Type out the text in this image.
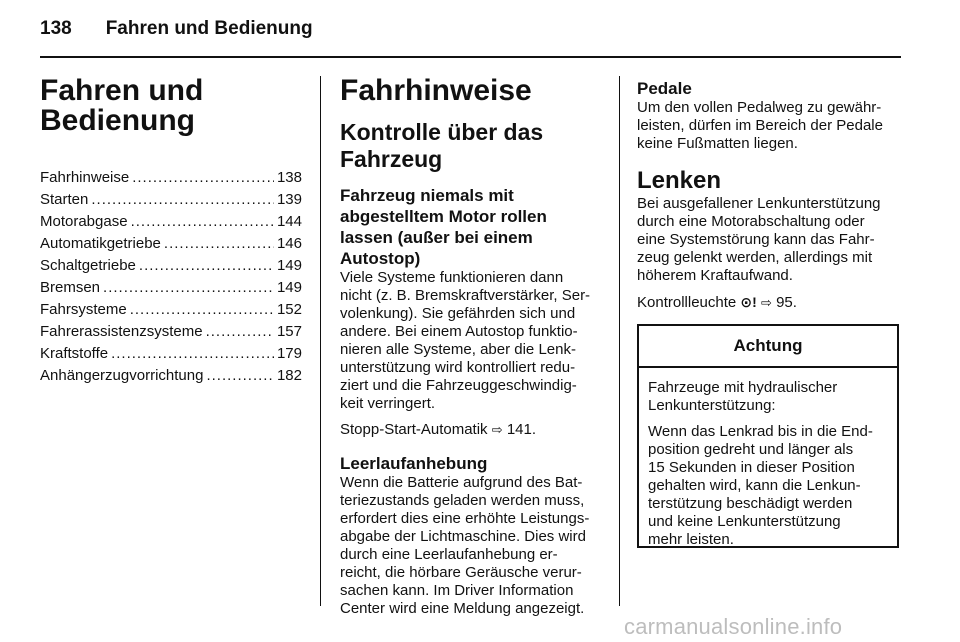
138 Fahren und Bedienung
Fahren und
Bedienung
Fahrhinweise .....	138
Starten .....	139
Motorabgase .....	144
Automatikgetriebe .....	146
Schaltgetriebe .....	149
Bremsen .....	149
Fahrsysteme .....	152
Fahrerassistenzsysteme .....	157
Kraftstoffe .....	179
Anhängerzugvorrichtung .....	182
Fahrhinweise
Kontrolle über das
Fahrzeug
Fahrzeug niemals mit
abgestelltem Motor rollen
lassen (außer bei einem
Autostop)

Viele Systeme funktionieren dann
nicht (z. B. Bremskraftverstärker, Ser-
volenkung). Sie gefährden sich und
andere. Bei einem Autostop funktio-
nieren alle Systeme, aber die Lenk-
unterstützung wird kontrolliert redu-
ziert und die Fahrzeuggeschwindig-
keit verringert.

Stopp-Start-Automatik ⇨ 141.

Leerlaufanhebung

Wenn die Batterie aufgrund des Bat-
teriezustands geladen werden muss,
erfordert dies eine erhöhte Leistungs-
abgabe der Lichtmaschine. Dies wird
durch eine Leerlaufanhebung er-
reicht, die hörbare Geräusche verur-
sachen kann. Im Driver Information
Center wird eine Meldung angezeigt.

Pedale

Um den vollen Pedalweg zu gewähr-
leisten, dürfen im Bereich der Pedale
keine Fußmatten liegen.

Lenken

Bei ausgefallener Lenkunterstützung
durch eine Motorabschaltung oder
eine Systemstörung kann das Fahr-
zeug gelenkt werden, allerdings mit
höherem Kraftaufwand.

Kontrollleuchte ⊙! ⇨ 95.

Achtung

Fahrzeuge mit hydraulischer
Lenkunterstützung:

Wenn das Lenkrad bis in die End-
position gedreht und länger als
15 Sekunden in dieser Position
gehalten wird, kann die Lenkun-
terstützung beschädigt werden
und keine Lenkunterstützung
mehr leisten.

carmanualsonline.info
